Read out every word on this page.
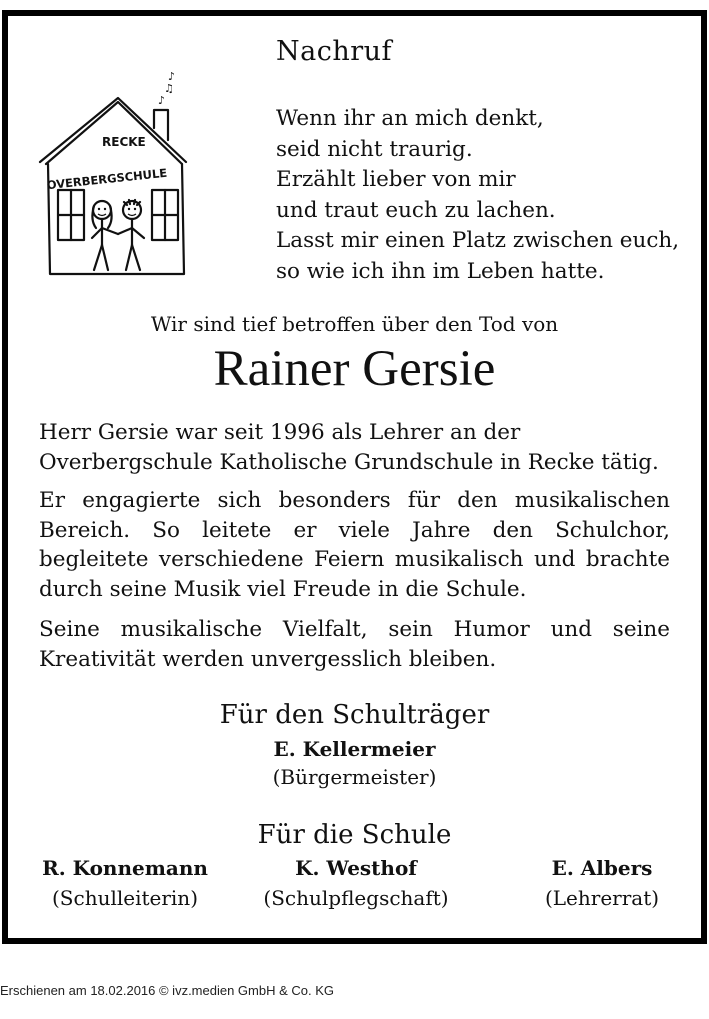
♪
♫
♪
RECKE
OVERBERGSCHULE
Nachruf
Wenn ihr an mich denkt,
seid nicht traurig.
Erzählt lieber von mir
und traut euch zu lachen.
Lasst mir einen Platz zwischen euch,
so wie ich ihn im Leben hatte.
Wir sind tief betroffen über den Tod von
Rainer Gersie
Herr Gersie war seit 1996 als Lehrer an der Overbergschule Katholische Grundschule in Recke tätig.
Er engagierte sich besonders für den musikalischen Bereich. So leitete er viele Jahre den Schulchor, begleitete verschiedene Feiern musikalisch und brachte durch seine Musik viel Freude in die Schule.
Seine musikalische Vielfalt, sein Humor und seine Kreativität werden unvergesslich bleiben.
Für den Schulträger
E. Kellermeier
(Bürgermeister)
Für die Schule
R. Konnemann
(Schulleiterin)
K. Westhof
(Schulpflegschaft)
E. Albers
(Lehrerrat)
Erschienen am 18.02.2016 © ivz.medien GmbH & Co. KG
